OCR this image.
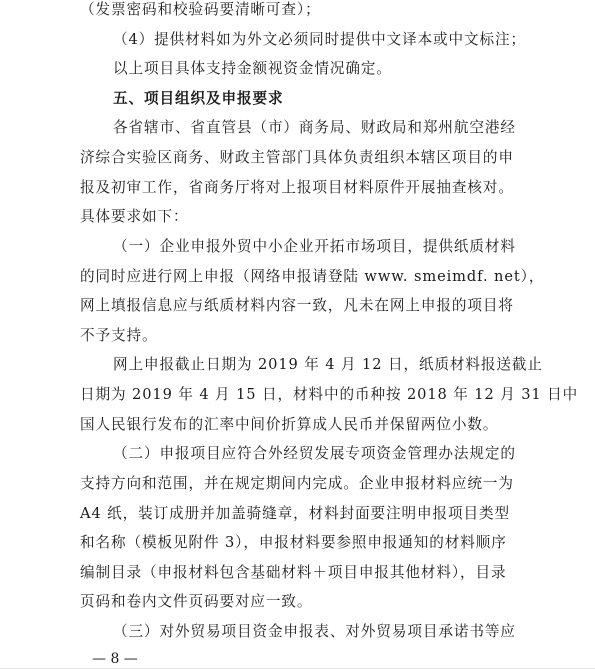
（发票密码和校验码要清晰可查）；
（4）提供材料如为外文必须同时提供中文译本或中文标注；
以上项目具体支持金额视资金情况确定。
五、项目组织及申报要求
各省辖市、省直管县（市）商务局、财政局和郑州航空港经
济综合实验区商务、财政主管部门具体负责组织本辖区项目的申
报及初审工作，省商务厅将对上报项目材料原件开展抽查核对。
具体要求如下：
（一）企业申报外贸中小企业开拓市场项目，提供纸质材料
的同时应进行网上申报（网络申报请登陆 www. smeimdf. net），
网上填报信息应与纸质材料内容一致，凡未在网上申报的项目将
不予支持。
网上申报截止日期为 2019 年 4 月 12 日，纸质材料报送截止
日期为 2019 年 4 月 15 日，材料中的币种按 2018 年 12 月 31 日中
国人民银行发布的汇率中间价折算成人民币并保留两位小数。
（二）申报项目应符合外经贸发展专项资金管理办法规定的
支持方向和范围，并在规定期间内完成。企业申报材料应统一为
A4 纸，装订成册并加盖骑缝章，材料封面要注明申报项目类型
和名称（模板见附件 3），申报材料要参照申报通知的材料顺序
编制目录（申报材料包含基础材料＋项目申报其他材料），目录
页码和卷内文件页码要对应一致。
（三）对外贸易项目资金申报表、对外贸易项目承诺书等应
— 8 —
